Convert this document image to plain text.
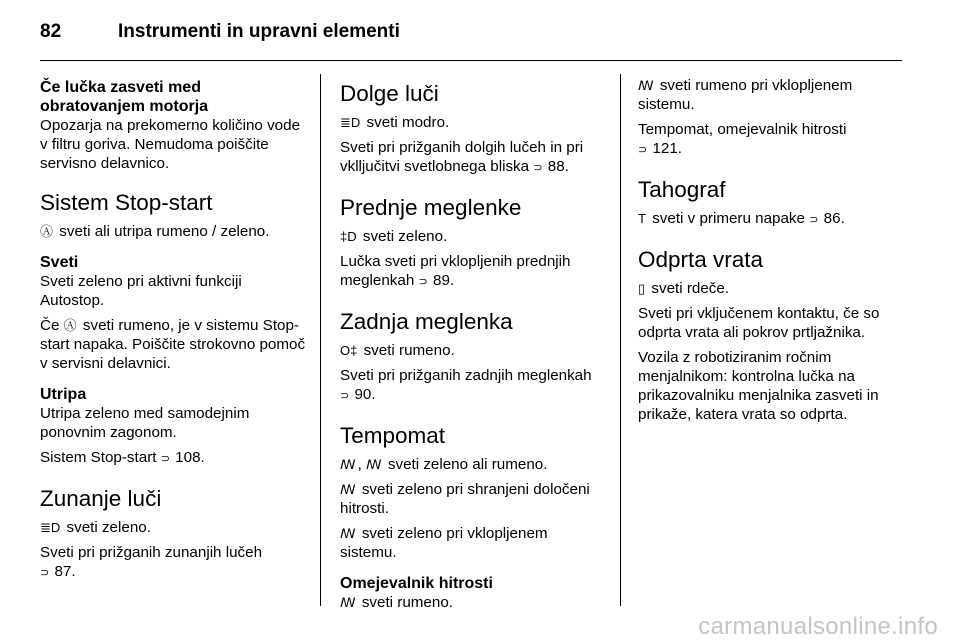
82	Instrumenti in upravni elementi
Če lučka zasveti med obratovanjem motorja

Opozarja na prekomerno količino vode v filtru goriva. Nemudoma poiščite servisno delavnico.

Sistem Stop-start

Ⓐ sveti ali utripa rumeno / zeleno.

Sveti

Sveti zeleno pri aktivni funkciji Autostop.

Če Ⓐ sveti rumeno, je v sistemu Stop-start napaka. Poiščite strokovno pomoč v servisni delavnici.

Utripa

Utripa zeleno med samodejnim ponovnim zagonom.

Sistem Stop-start ⊃ 108.

Zunanje luči

≣D sveti zeleno.

Sveti pri prižganih zunanjih lučeh
⊃ 87.

Dolge luči

≣D sveti modro.

Sveti pri prižganih dolgih lučeh in pri vklljučitvi svetlobnega bliska ⊃ 88.

Prednje meglenke

‡D sveti zeleno.

Lučka sveti pri vklopljenih prednjih meglenkah ⊃ 89.

Zadnja meglenka

O‡ sveti rumeno.

Sveti pri prižganih zadnjih meglenkah
⊃ 90.

Tempomat

ꟿ , ꟿ sveti zeleno ali rumeno.

ꟿ sveti zeleno pri shranjeni določeni hitrosti.

ꟿ sveti zeleno pri vklopljenem sistemu.

Omejevalnik hitrosti

ꟿ sveti rumeno.

ꟿ sveti rumeno pri vklopljenem sistemu.

Tempomat, omejevalnik hitrosti
⊃ 121.

Tahograf

T sveti v primeru napake ⊃ 86.

Odprta vrata

▯ sveti rdeče.

Sveti pri vključenem kontaktu, če so odprta vrata ali pokrov prtljažnika.

Vozila z robotiziranim ročnim menjalnikom: kontrolna lučka na prikazovalniku menjalnika zasveti in prikaže, katera vrata so odprta.

carmanualsonline.info
